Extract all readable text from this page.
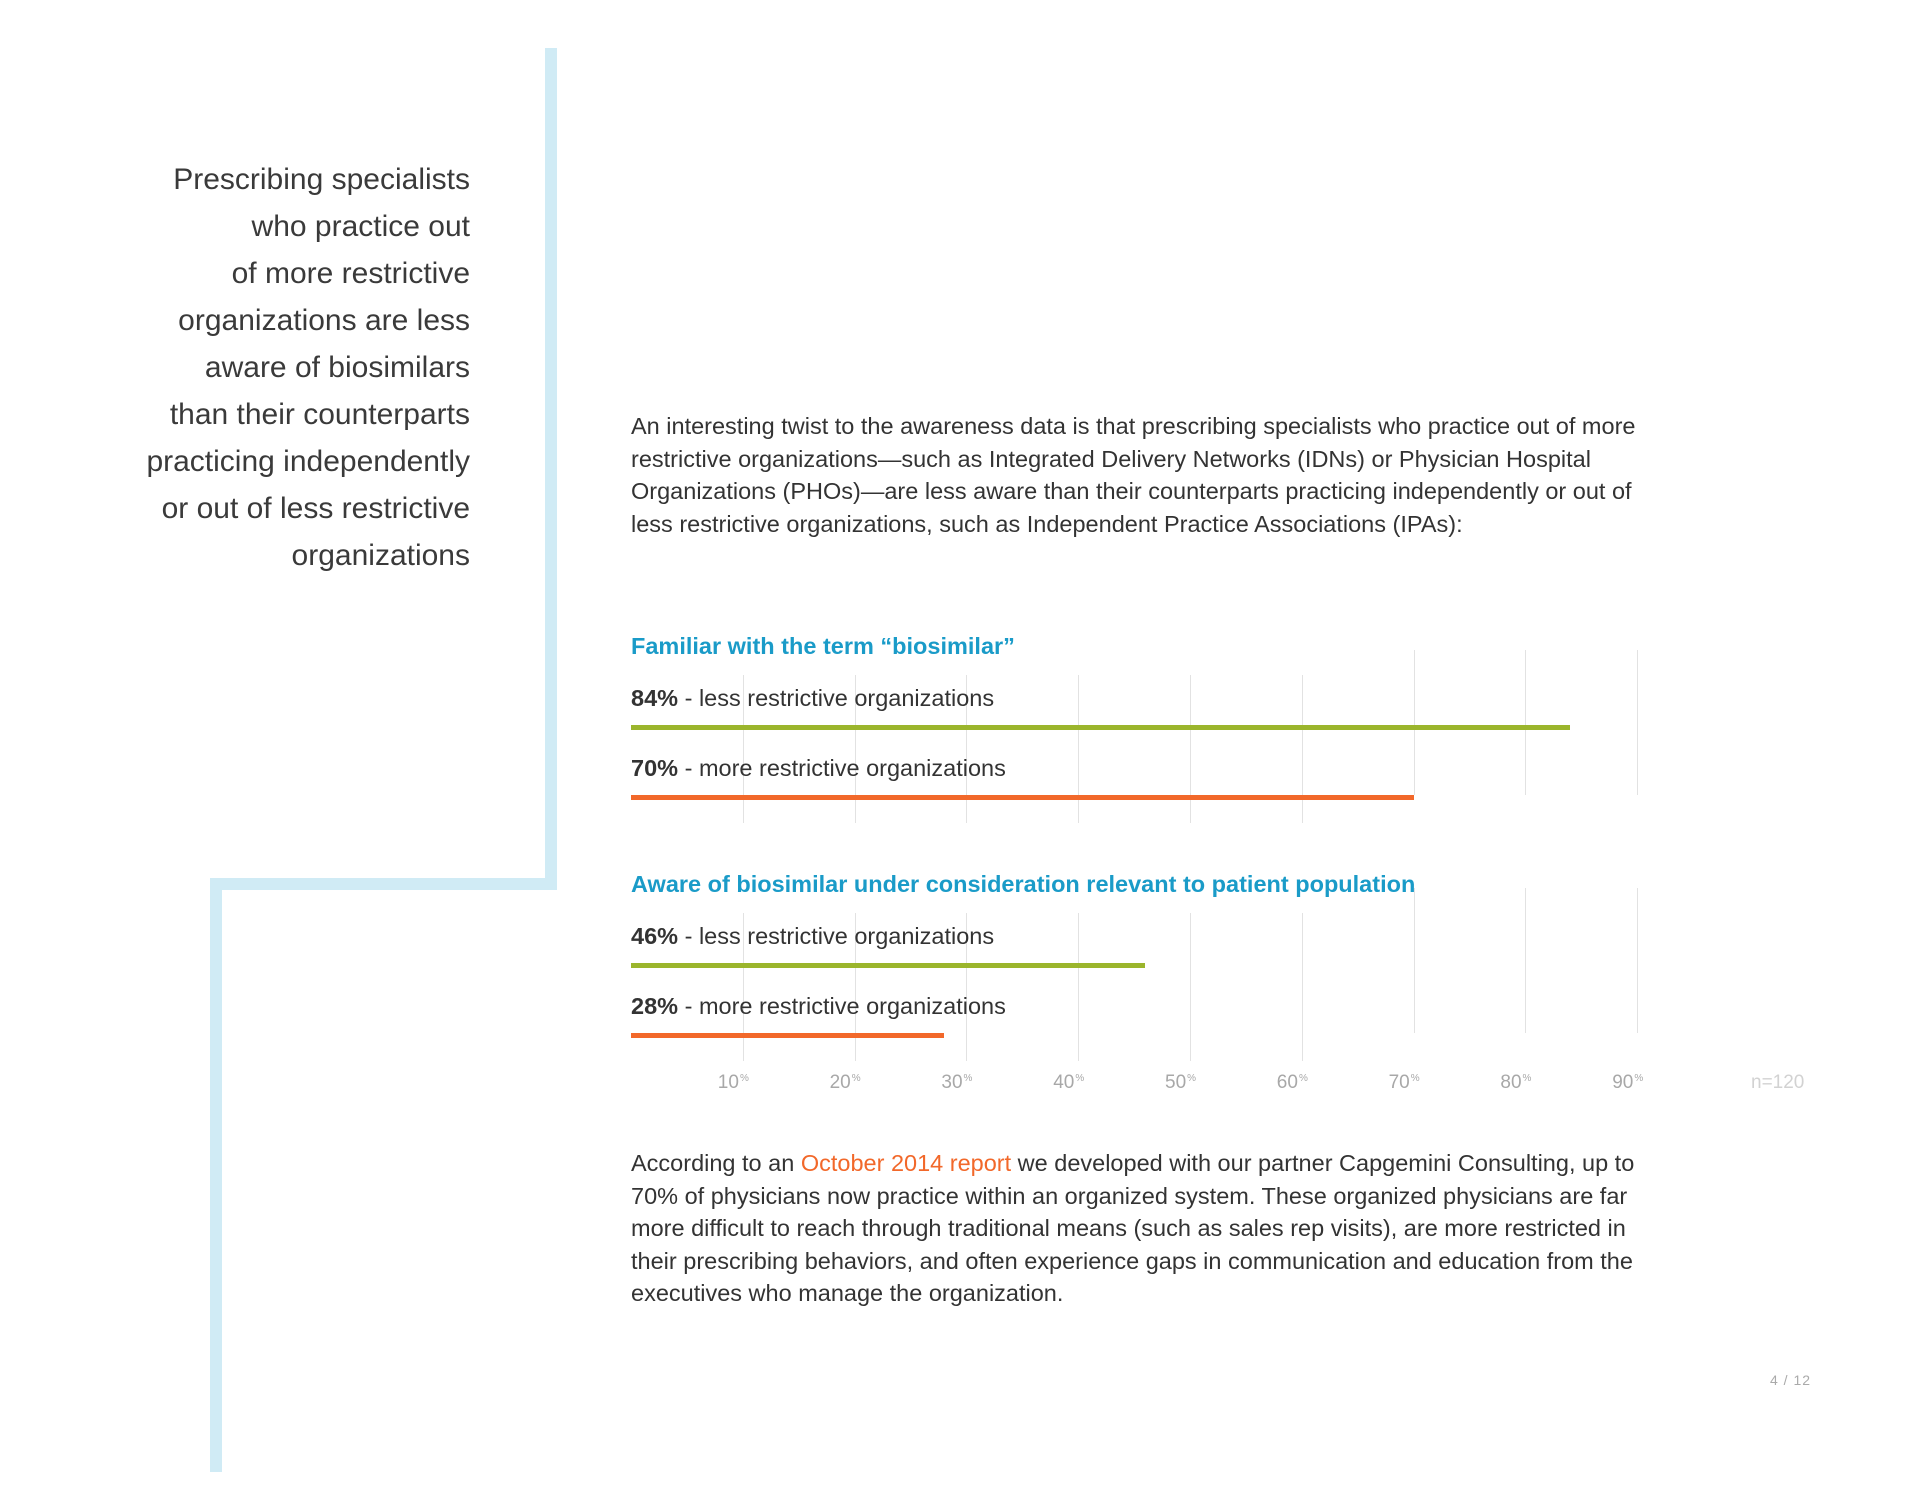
Prescribing specialists
who practice out
of more restrictive
organizations are less
aware of biosimilars
than their counterparts
practicing independently
or out of less restrictive
organizations
An interesting twist to the awareness data is that prescribing specialists who practice out of more restrictive organizations—such as Integrated Delivery Networks (IDNs) or Physician Hospital Organizations (PHOs)—are less aware than their counterparts practicing independently or out of less restrictive organizations, such as Independent Practice Associations (IPAs):
Familiar with the term “biosimilar”
84% - less restrictive organizations
70% - more restrictive organizations
Aware of biosimilar under consideration relevant to patient population
46% - less restrictive organizations
28% - more restrictive organizations
10%	20%	30%	40%	50%	60%	70%	80%	90%	n=120
According to an October 2014 report we developed with our partner Capgemini Consulting, up to 70% of physicians now practice within an organized system. These organized physicians are far more difficult to reach through traditional means (such as sales rep visits), are more restricted in their prescribing behaviors, and often experience gaps in communication and education from the executives who manage the organization.
4 / 12
